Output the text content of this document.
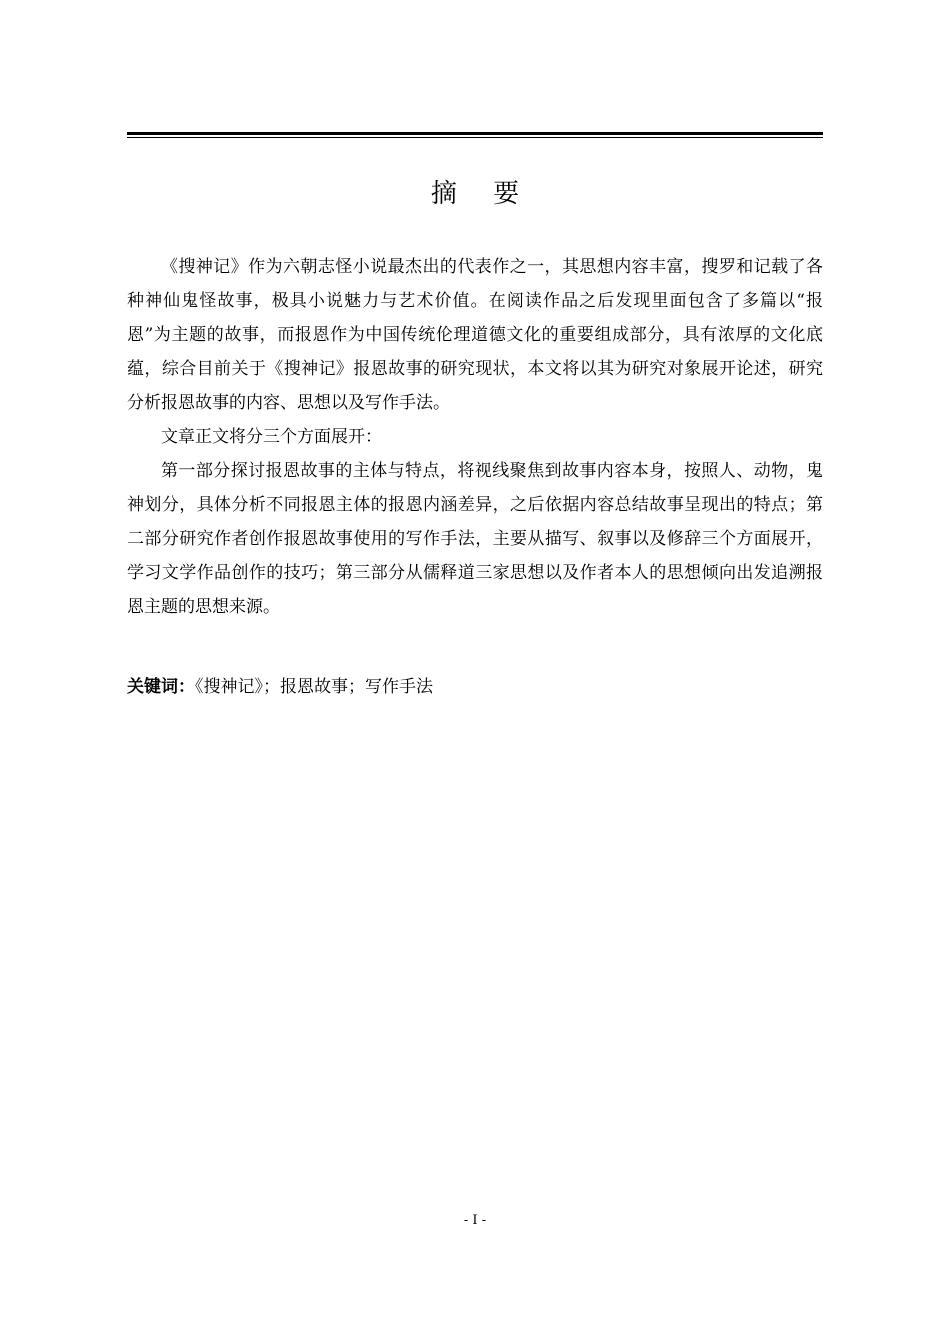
摘 要

《搜神记》作为六朝志怪小说最杰出的代表作之一，其思想内容丰富，搜罗和记载了各种神仙鬼怪故事，极具小说魅力与艺术价值。在阅读作品之后发现里面包含了多篇以“报恩”为主题的故事，而报恩作为中国传统伦理道德文化的重要组成部分，具有浓厚的文化底蕴，综合目前关于《搜神记》报恩故事的研究现状，本文将以其为研究对象展开论述，研究分析报恩故事的内容、思想以及写作手法。

文章正文将分三个方面展开：

第一部分探讨报恩故事的主体与特点，将视线聚焦到故事内容本身，按照人、动物，鬼神划分，具体分析不同报恩主体的报恩内涵差异，之后依据内容总结故事呈现出的特点；第二部分研究作者创作报恩故事使用的写作手法，主要从描写、叙事以及修辞三个方面展开，学习文学作品创作的技巧；第三部分从儒释道三家思想以及作者本人的思想倾向出发追溯报恩主题的思想来源。

关键词：《搜神记》；报恩故事；写作手法
- I -
